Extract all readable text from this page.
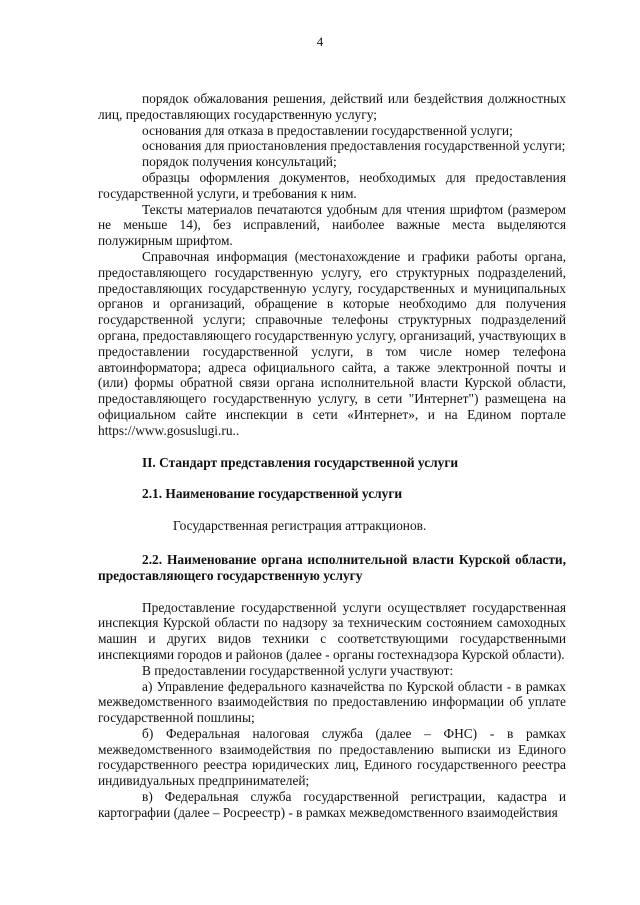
4

порядок обжалования решения, действий или бездействия должностных лиц, предоставляющих государственную услугу;

основания для отказа в предоставлении государственной услуги;

основания для приостановления предоставления государственной услуги;

порядок получения консультаций;

образцы оформления документов, необходимых для предоставления государственной услуги, и требования к ним.

Тексты материалов печатаются удобным для чтения шрифтом (размером не меньше 14), без исправлений, наиболее важные места выделяются полужирным шрифтом.

Справочная информация (местонахождение и графики работы органа, предоставляющего государственную услугу, его структурных подразделений, предоставляющих государственную услугу, государственных и муниципальных органов и организаций, обращение в которые необходимо для получения государственной услуги; справочные телефоны структурных подразделений органа, предоставляющего государственную услугу, организаций, участвующих в предоставлении государственной услуги, в том числе номер телефона автоинформатора; адреса официального сайта, а также электронной почты и (или) формы обратной связи органа исполнительной власти Курской области, предоставляющего государственную услугу, в сети "Интернет") размещена на официальном сайте инспекции в сети «Интернет», и на Едином портале https://www.gosuslugi.ru..

II. Стандарт представления государственной услуги

2.1. Наименование государственной услуги

Государственная регистрация аттракционов.

2.2. Наименование органа исполнительной власти Курской области, предоставляющего государственную услугу

Предоставление государственной услуги осуществляет государственная инспекция Курской области по надзору за техническим состоянием самоходных машин и других видов техники с соответствующими государственными инспекциями городов и районов (далее - органы гостехнадзора Курской области).

В предоставлении государственной услуги участвуют:

а) Управление федерального казначейства по Курской области - в рамках межведомственного взаимодействия по предоставлению информации об уплате государственной пошлины;

б) Федеральная налоговая служба (далее – ФНС) - в рамках межведомственного взаимодействия по предоставлению выписки из Единого государственного реестра юридических лиц, Единого государственного реестра индивидуальных предпринимателей;

в) Федеральная служба государственной регистрации, кадастра и картографии (далее – Росреестр) - в рамках межведомственного взаимодействия
